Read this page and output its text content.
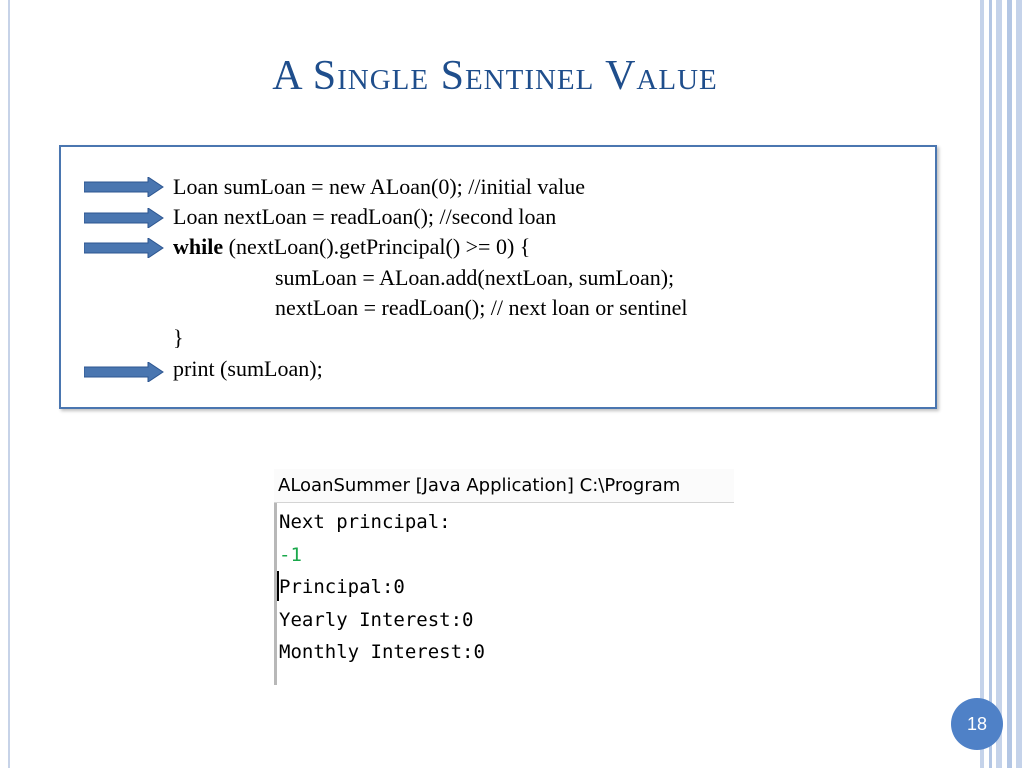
A Single Sentinel Value
Loan sumLoan = new ALoan(0); //initial value
Loan nextLoan = readLoan(); //second loan
while (nextLoan().getPrincipal() >= 0) {
sumLoan = ALoan.add(nextLoan, sumLoan);
nextLoan = readLoan(); // next loan or sentinel
}
print (sumLoan);
ALoanSummer [Java Application] C:\Program
Next principal:
-1
Principal:0
Yearly Interest:0
Monthly Interest:0
18
